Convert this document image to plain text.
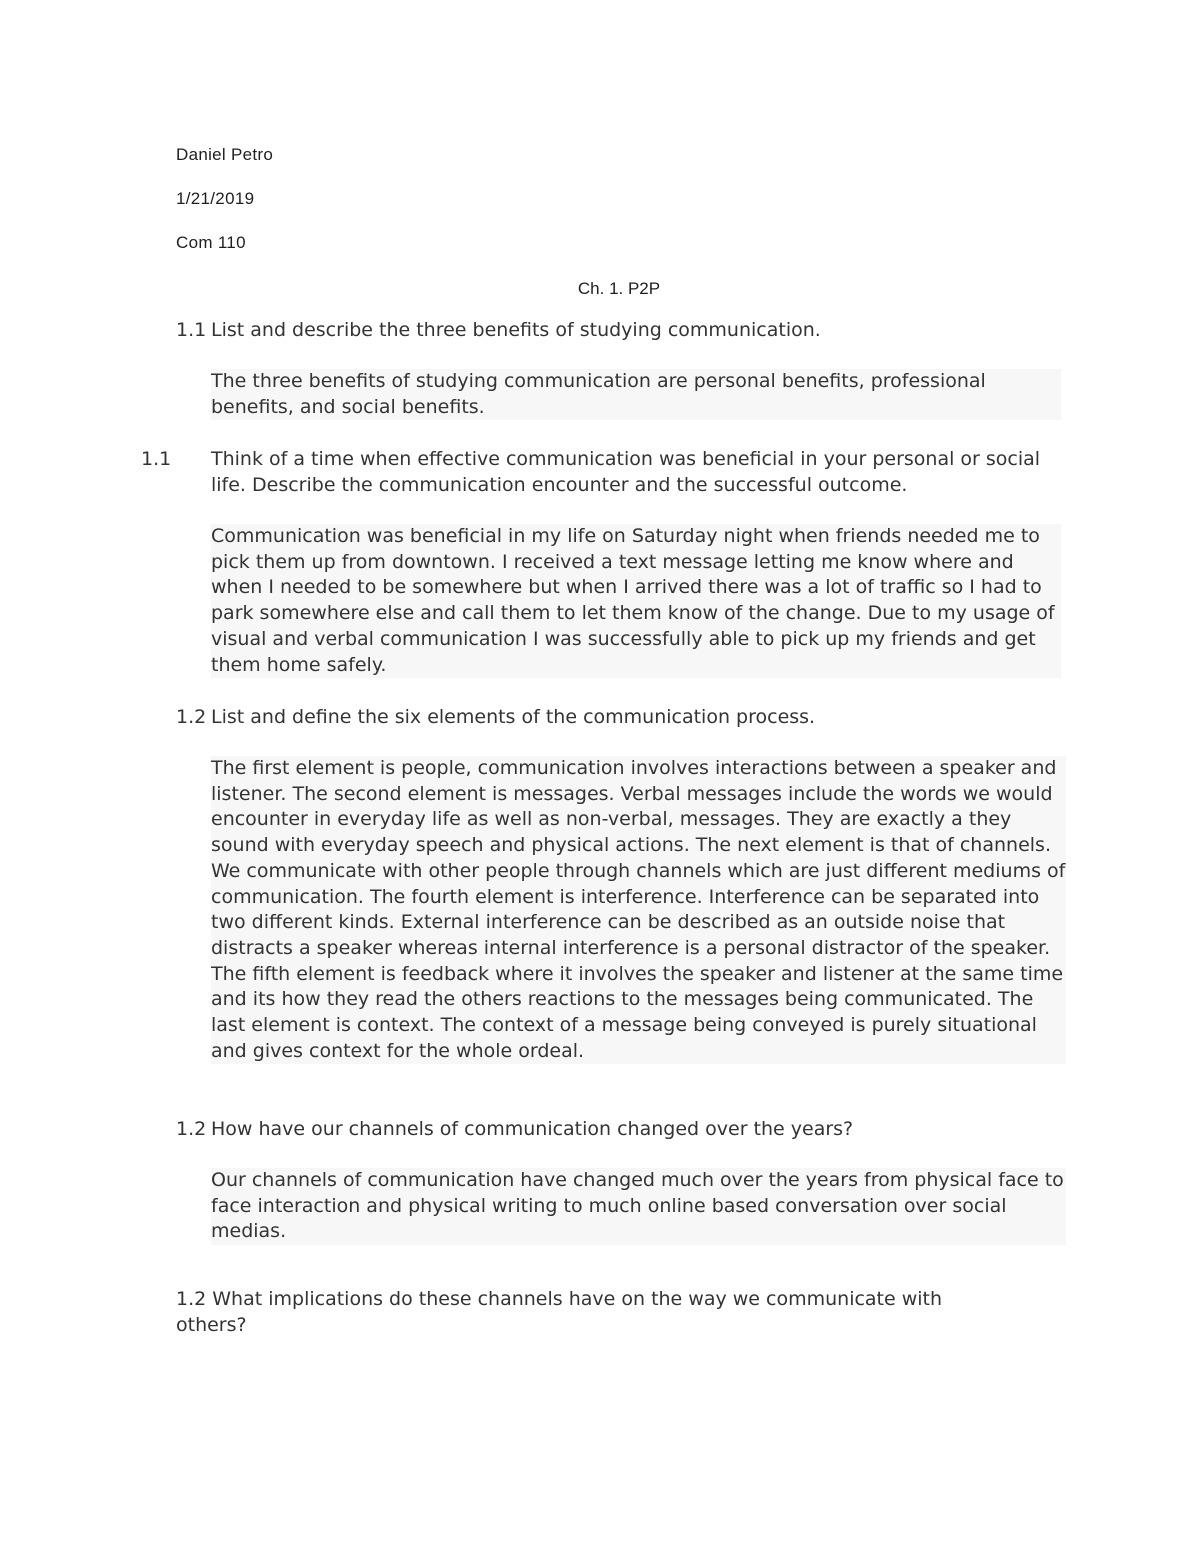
Daniel Petro
1/21/2019
Com 110
Ch. 1. P2P
1.1 List and describe the three benefits of studying communication.
The three benefits of studying communication are personal benefits, professional benefits, and social benefits.
1.1 Think of a time when effective communication was beneficial in your personal or social life. Describe the communication encounter and the successful outcome.
Communication was beneficial in my life on Saturday night when friends needed me to pick them up from downtown. I received a text message letting me know where and when I needed to be somewhere but when I arrived there was a lot of traffic so I had to park somewhere else and call them to let them know of the change. Due to my usage of visual and verbal communication I was successfully able to pick up my friends and get them home safely.
1.2 List and define the six elements of the communication process.
The first element is people, communication involves interactions between a speaker and listener. The second element is messages. Verbal messages include the words we would encounter in everyday life as well as non-verbal, messages. They are exactly a they sound with everyday speech and physical actions. The next element is that of channels. We communicate with other people through channels which are just different mediums of communication. The fourth element is interference. Interference can be separated into two different kinds. External interference can be described as an outside noise that distracts a speaker whereas internal interference is a personal distractor of the speaker. The fifth element is feedback where it involves the speaker and listener at the same time and its how they read the others reactions to the messages being communicated. The last element is context. The context of a message being conveyed is purely situational and gives context for the whole ordeal.
1.2 How have our channels of communication changed over the years?
Our channels of communication have changed much over the years from physical face to face interaction and physical writing to much online based conversation over social medias.
1.2 What implications do these channels have on the way we communicate with others?
